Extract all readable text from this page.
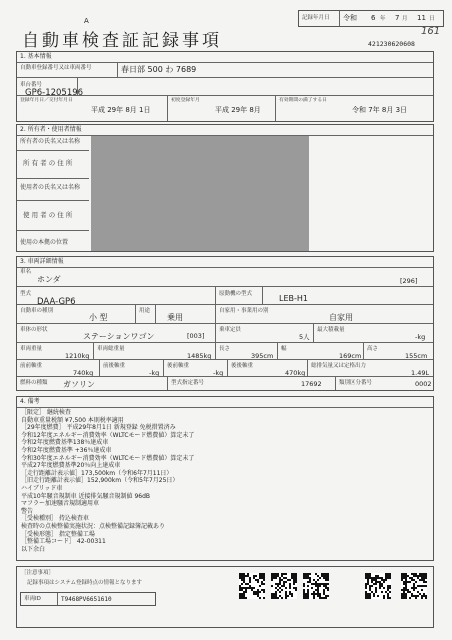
A	記録年月日 令和 6 年 7 月 11 日
自動車検査証記録事項	421230620608
161
1. 基本情報
自動車登録番号又は車両番号	春日部 500 わ 7689
車台番号
GP6-1205196
登録年月日／交付年月日
平成 29年 8月 1日
初度登録年月
平成 29年 8月
有効期間の満了する日
令和 7年 8月 3日
2. 所有者・使用者情報
所有者の氏名又は名称
所 有 者 の 住 所
使用者の氏名又は名称
使 用 者 の 住 所
使用の本拠の位置
3. 車両詳細情報
車名
ホンダ	[296]
型式
DAA-GP6
原動機の型式	LEB-H1
自動車の種別
小 型
用途
乗用
自家用・事業用の別
自家用
車体の形状
ステーションワゴン	[003]
乗車定員
5人
最大積載量
-kg
車両重量
1210kg
車両総重量
1485kg
長さ
395cm
幅
169cm
高さ
155cm
前前軸重
740kg
前後軸重
-kg
後前軸重
-kg
後後軸重
470kg
総排気量又は定格出力
1.49L
燃料の種類 ガソリン	型式指定番号	17692	類別区分番号	0002
4. 備考
［限定］ 継続検査
自動車重量税額 ¥7,500 本則税率適用
［29年度燃費］ 平成29年8月1日 新規登録 免税措置済み
令和12年度エネルギー消費効率（WLTCモード燃費値）算定未了
令和2年度燃費基準138％達成車
令和2年度燃費基準 +36％達成車
令和30年度エネルギー消費効率（WLTCモード燃費値）算定未了
平成27年度燃費基準20％向上達成車
［走行距離計表示値］173,500km（令和6年7月11日）
［旧走行距離計表示値］152,900km（令和5年7月25日）
ハイブリッド車
平成10年騒音規制車 近接排気騒音規制値 96dB
マフラー加速騒音規制適用車
警告
［受検種別］ 持込検査車
検査時の点検整備実施状況：点検整備記録簿記載あり
［受検形態］ 指定整備工場
［整備工場コード］ 42-00311
以下余白
［注意事項］
記録事項はシステム登録時点の情報となります
車両ID	T9468PV6651610
